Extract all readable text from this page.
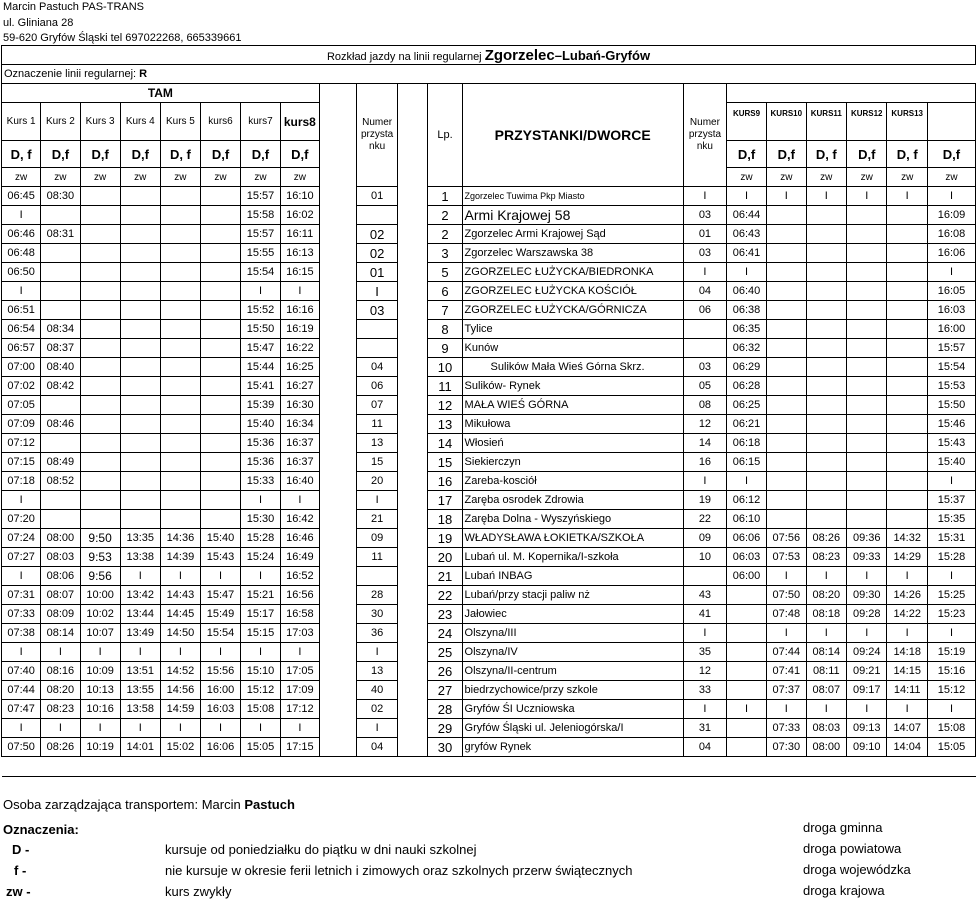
Marcin Pastuch PAS-TRANS
ul. Gliniana 28
59-620 Gryfów Śląski tel 697022268, 665339661
Rozkład jazdy na linii regularnej Zgorzelec–Lubań-Gryfów																			
Oznaczenie linii regularnej: R																			
TAM									Numer przysta nku		Lp.	PRZYSTANKI/DWORCE	Numer przysta nku						
Kurs 1	Kurs 2	Kurs 3	Kurs 4	Kurs 5	kurs6	kurs7	kurs8							KURS9	KURS10	KURS11	KURS12	KURS13	
D, f	D,f	D,f	D,f	D, f	D,f	D,f	D,f							D,f	D,f	D, f	D,f	D, f	D,f
zw	zw	zw	zw	zw	zw	zw	zw							zw	zw	zw	zw	zw	zw
06:45	08:30					15:57	16:10		01		1	Zgorzelec Tuwima Pkp Miasto	I	I	I	I	I	I	I
I						15:58	16:02				2	Armi Krajowej 58	03	06:44					16:09
06:46	08:31					15:57	16:11		02		2	Zgorzelec Armi Krajowej Sąd	01	06:43					16:08
06:48						15:55	16:13		02		3	Zgorzelec Warszawska 38	03	06:41					16:06
06:50						15:54	16:15		01		5	ZGORZELEC ŁUŻYCKA/BIEDRONKA	I	I					I
I						I	I		I		6	ZGORZELEC ŁUŻYCKA KOŚCIÓŁ	04	06:40					16:05
06:51						15:52	16:16		03		7	ZGORZELEC ŁUŻYCKA/GÓRNICZA	06	06:38					16:03
06:54	08:34					15:50	16:19				8	Tylice		06:35					16:00
06:57	08:37					15:47	16:22				9	Kunów		06:32					15:57
07:00	08:40					15:44	16:25		04		10	Sulików Mała Wieś Górna Skrz.	03	06:29					15:54
07:02	08:42					15:41	16:27		06		11	Sulików- Rynek	05	06:28					15:53
07:05						15:39	16:30		07		12	MAŁA WIEŚ GÓRNA	08	06:25					15:50
07:09	08:46					15:40	16:34		11		13	Mikułowa	12	06:21					15:46
07:12						15:36	16:37		13		14	Włosień	14	06:18					15:43
07:15	08:49					15:36	16:37		15		15	Siekierczyn	16	06:15					15:40
07:18	08:52					15:33	16:40		20		16	Zareba-kosciół	I	I					I
I						I	I		I		17	Zaręba osrodek Zdrowia	19	06:12					15:37
07:20						15:30	16:42		21		18	Zaręba Dolna - Wyszyńskiego	22	06:10					15:35
07:24	08:00	9:50	13:35	14:36	15:40	15:28	16:46		09		19	WŁADYSŁAWA ŁOKIETKA/SZKOŁA	09	06:06	07:56	08:26	09:36	14:32	15:31
07:27	08:03	9:53	13:38	14:39	15:43	15:24	16:49		11		20	Lubań ul. M. Kopernika/I-szkoła	10	06:03	07:53	08:23	09:33	14:29	15:28
I	08:06	9:56	I	I	I	I	16:52				21	Lubań INBAG		06:00	I	I	I	I	I
07:31	08:07	10:00	13:42	14:43	15:47	15:21	16:56		28		22	Lubań/przy stacji paliw nż	43		07:50	08:20	09:30	14:26	15:25
07:33	08:09	10:02	13:44	14:45	15:49	15:17	16:58		30		23	Jałowiec	41		07:48	08:18	09:28	14:22	15:23
07:38	08:14	10:07	13:49	14:50	15:54	15:15	17:03		36		24	Olszyna/III	I		I	I	I	I	I
I	I	I	I	I	I	I	I		I		25	Olszyna/IV	35		07:44	08:14	09:24	14:18	15:19
07:40	08:16	10:09	13:51	14:52	15:56	15:10	17:05		13		26	Olszyna/II-centrum	12		07:41	08:11	09:21	14:15	15:16
07:44	08:20	10:13	13:55	14:56	16:00	15:12	17:09		40		27	biedrzychowice/przy szkole	33		07:37	08:07	09:17	14:11	15:12
07:47	08:23	10:16	13:58	14:59	16:03	15:08	17:12		02		28	Gryfów ŚI Uczniowska	I	I	I	I	I	I	I
I	I	I	I	I	I	I	I		I		29	Gryfów Śląski ul. Jeleniogórska/I	31		07:33	08:03	09:13	14:07	15:08
07:50	08:26	10:19	14:01	15:02	16:06	15:05	17:15		04		30	gryfów Rynek	04		07:30	08:00	09:10	14:04	15:05

Osoba zarządzająca transportem: Marcin Pastuch
Oznaczenia:
D -	kursuje od poniedziałku do piątku w dni nauki szkolnej
f -	nie kursuje w okresie ferii letnich i zimowych oraz szkolnych przerw świątecznych
zw -	kurs zwykły
droga gminna
droga powiatowa
droga wojewódzka
droga krajowa
